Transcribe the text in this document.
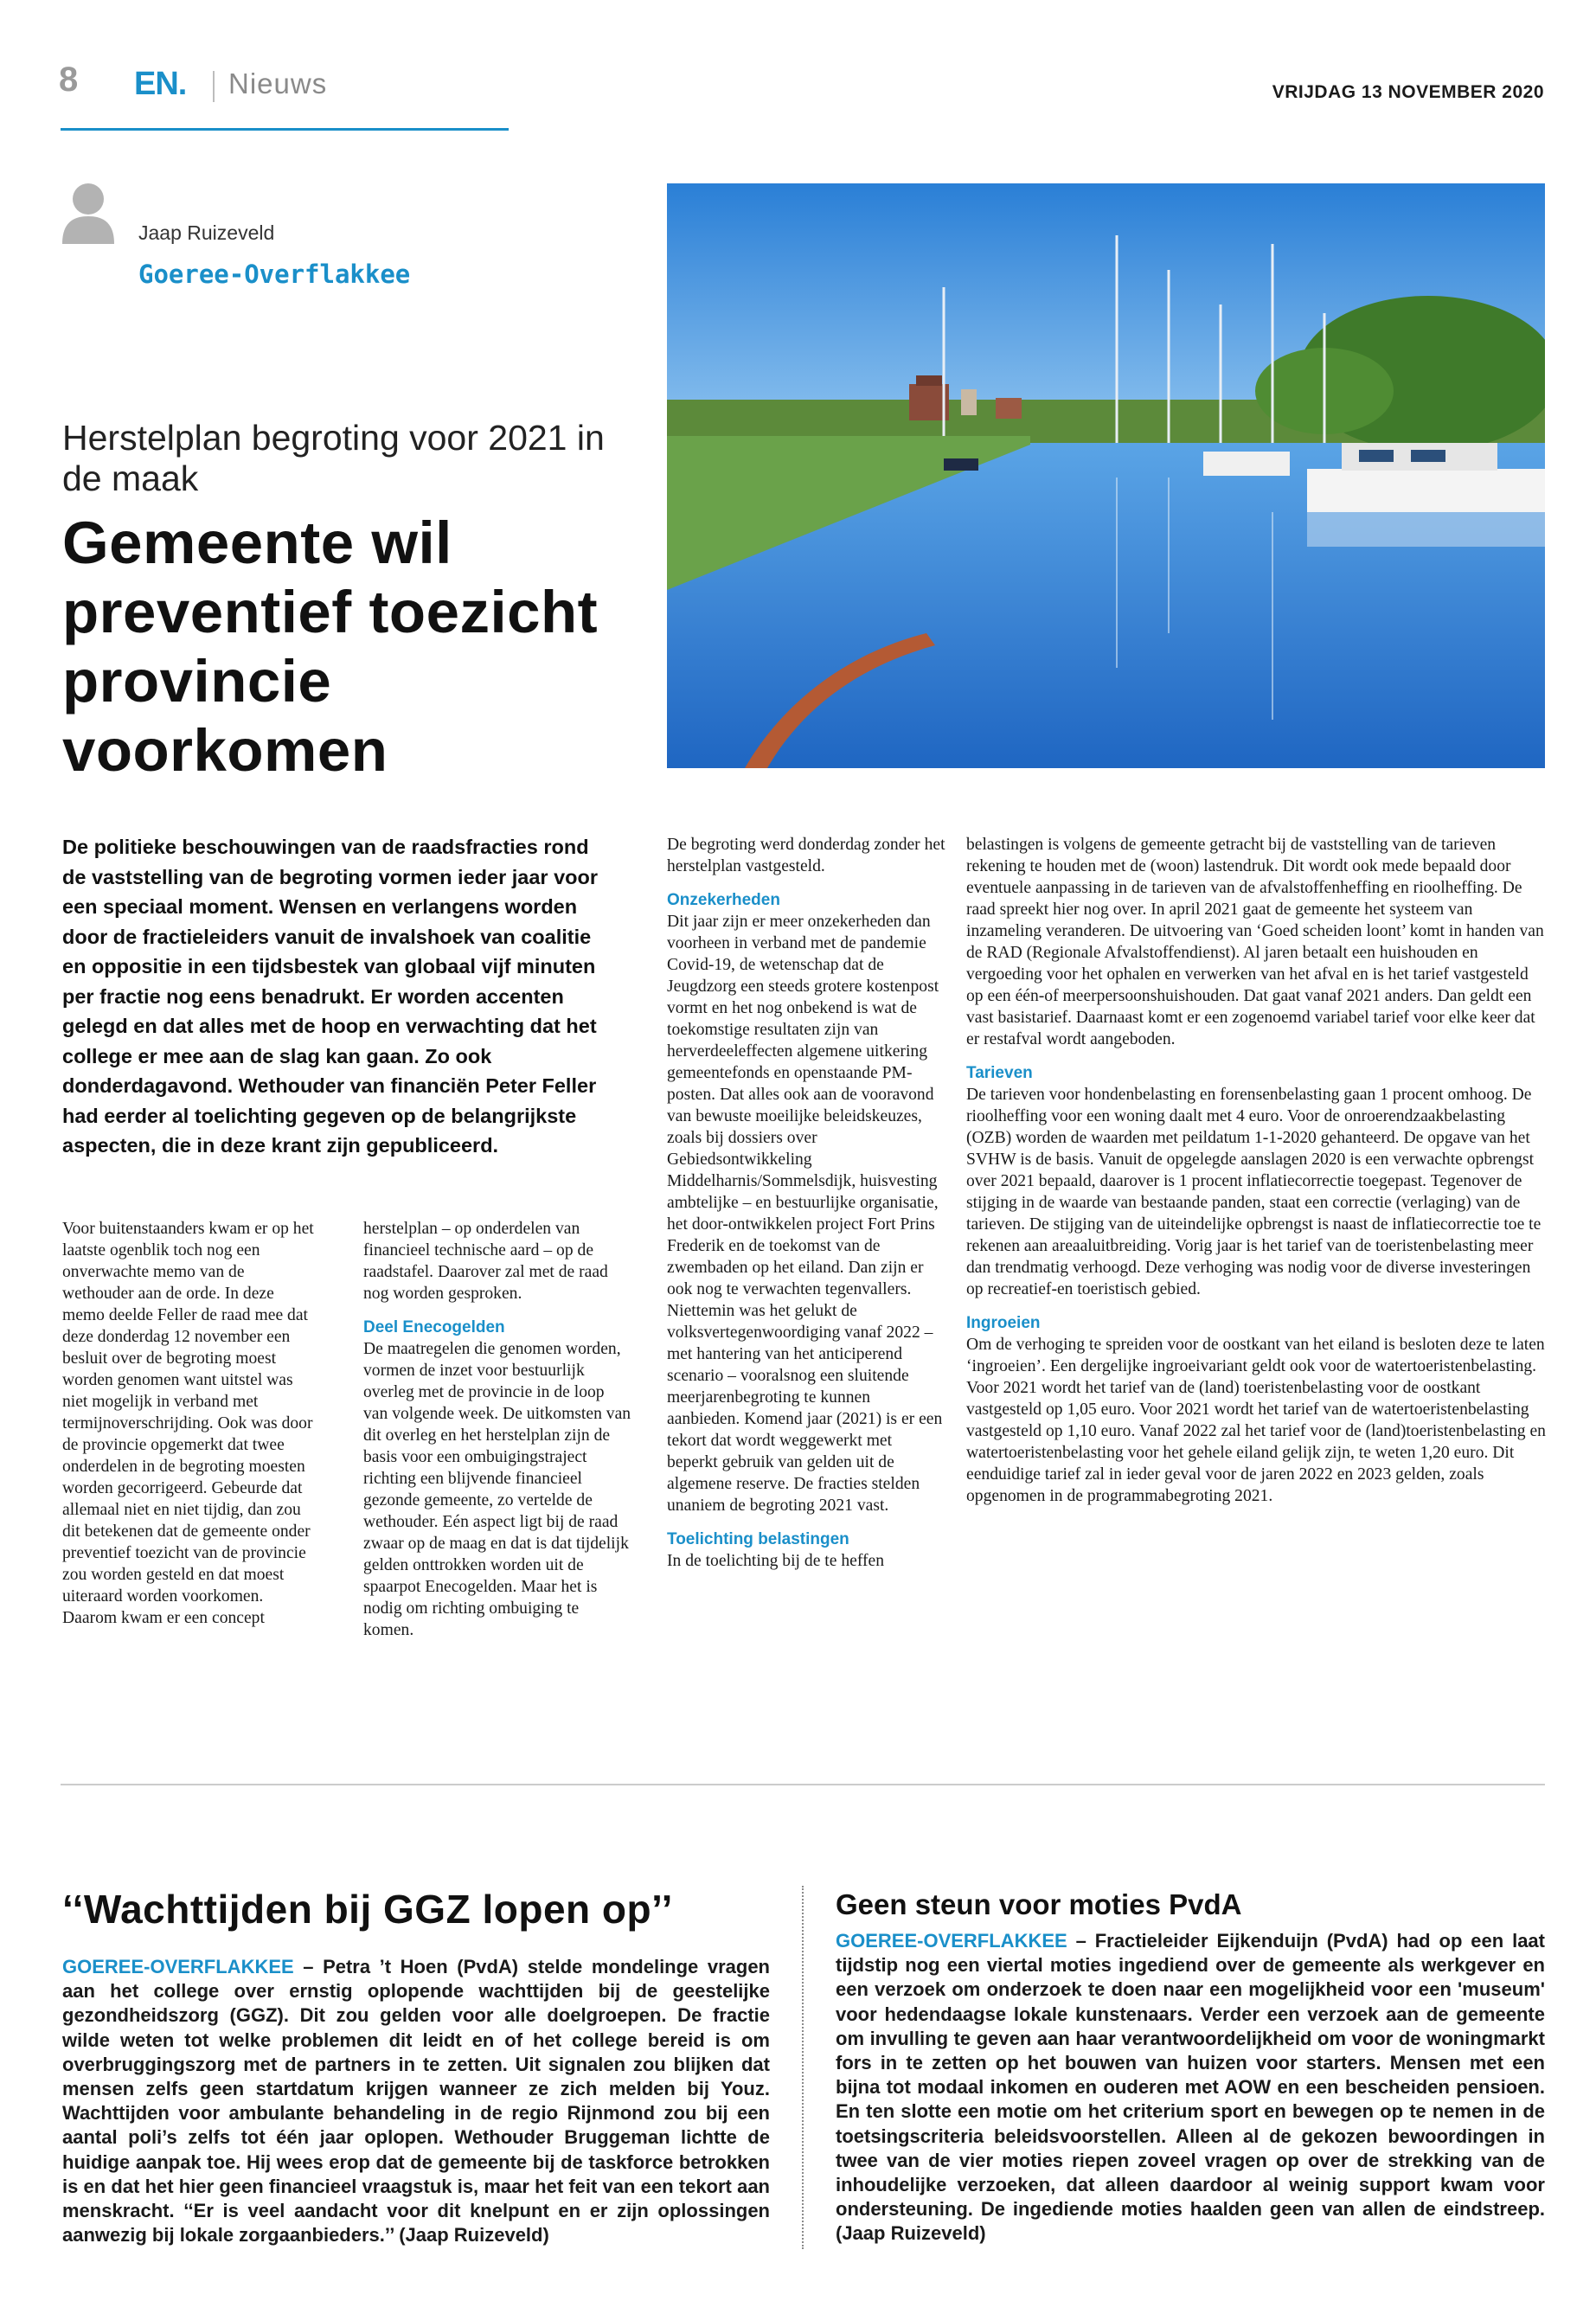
8 EN. Nieuws	VRIJDAG 13 NOVEMBER 2020
Jaap Ruizeveld
Goeree-Overflakkee
Herstelplan begroting voor 2021 in de maak
Gemeente wil preventief toezicht provincie voorkomen
De politieke beschouwingen van de raadsfracties rond de vaststelling van de begroting vormen ieder jaar voor een speciaal moment. Wensen en verlangens worden door de fractieleiders vanuit de invalshoek van coalitie en oppositie in een tijdsbestek van globaal vijf minuten per fractie nog eens benadrukt. Er worden accenten gelegd en dat alles met de hoop en verwachting dat het college er mee aan de slag kan gaan. Zo ook donderdagavond. Wethouder van financiën Peter Feller had eerder al toelichting gegeven op de belangrijkste aspecten, die in deze krant zijn gepubliceerd.

Voor buitenstaanders kwam er op het laatste ogenblik toch nog een onverwachte memo van de wethouder aan de orde. In deze memo deelde Feller de raad mee dat deze donderdag 12 november een besluit over de begroting moest worden genomen want uitstel was niet mogelijk in verband met termijnoverschrijding. Ook was door de provincie opgemerkt dat twee onderdelen in de begroting moesten worden gecorrigeerd. Gebeurde dat allemaal niet en niet tijdig, dan zou dit betekenen dat de gemeente onder preventief toezicht van de provincie zou worden gesteld en dat moest uiteraard worden voorkomen. Daarom kwam er een concept

herstelplan – op onderdelen van financieel technische aard – op de raadstafel. Daarover zal met de raad nog worden gesproken.

Deel Enecogelden

De maatregelen die genomen worden, vormen de inzet voor bestuurlijk overleg met de provincie in de loop van volgende week. De uitkomsten van dit overleg en het herstelplan zijn de basis voor een ombuigingstraject richting een blijvende financieel gezonde gemeente, zo vertelde de wethouder. Eén aspect ligt bij de raad zwaar op de maag en dat is dat tijdelijk gelden onttrokken worden uit de spaarpot Enecogelden. Maar het is nodig om richting ombuiging te komen.

De begroting werd donderdag zonder het herstelplan vastgesteld.

Onzekerheden

Dit jaar zijn er meer onzekerheden dan voorheen in verband met de pandemie Covid-19, de wetenschap dat de Jeugdzorg een steeds grotere kostenpost vormt en het nog onbekend is wat de toekomstige resultaten zijn van herverdeeleffecten algemene uitkering gemeentefonds en openstaande PM-posten. Dat alles ook aan de vooravond van bewuste moeilijke beleidskeuzes, zoals bij dossiers over Gebiedsontwikkeling Middelharnis/Sommelsdijk, huisvesting ambtelijke – en bestuurlijke organisatie, het door-ontwikkelen project Fort Prins Frederik en de toekomst van de zwembaden op het eiland. Dan zijn er ook nog te verwachten tegenvallers. Niettemin was het gelukt de volksvertegenwoordiging vanaf 2022 – met hantering van het anticiperend scenario – vooralsnog een sluitende meerjarenbegroting te kunnen aanbieden. Komend jaar (2021) is er een tekort dat wordt weggewerkt met beperkt gebruik van gelden uit de algemene reserve. De fracties stelden unaniem de begroting 2021 vast.

Toelichting belastingen

In de toelichting bij de te heffen

belastingen is volgens de gemeente getracht bij de vaststelling van de tarieven rekening te houden met de (woon) lastendruk. Dit wordt ook mede bepaald door eventuele aanpassing in de tarieven van de afvalstoffenheffing en rioolheffing. De raad spreekt hier nog over. In april 2021 gaat de gemeente het systeem van inzameling veranderen. De uitvoering van ‘Goed scheiden loont’ komt in handen van de RAD (Regionale Afvalstoffendienst). Al jaren betaalt een huishouden en vergoeding voor het ophalen en verwerken van het afval en is het tarief vastgesteld op een één-of meerpersoonshuishouden. Dat gaat vanaf 2021 anders. Dan geldt een vast basistarief. Daarnaast komt er een zogenoemd variabel tarief voor elke keer dat er restafval wordt aangeboden.

Tarieven

De tarieven voor hondenbelasting en forensenbelasting gaan 1 procent omhoog. De rioolheffing voor een woning daalt met 4 euro. Voor de onroerendzaakbelasting (OZB) worden de waarden met peildatum 1-1-2020 gehanteerd. De opgave van het SVHW is de basis. Vanuit de opgelegde aanslagen 2020 is een verwachte opbrengst over 2021 bepaald, daarover is 1 procent inflatiecorrectie toegepast. Tegenover de stijging in de waarde van bestaande panden, staat een correctie (verlaging) van de tarieven. De stijging van de uiteindelijke opbrengst is naast de inflatiecorrectie toe te rekenen aan areaaluitbreiding. Vorig jaar is het tarief van de toeristenbelasting meer dan trendmatig verhoogd. Deze verhoging was nodig voor de diverse investeringen op recreatief-en toeristisch gebied.

Ingroeien

Om de verhoging te spreiden voor de oostkant van het eiland is besloten deze te laten ‘ingroeien’. Een dergelijke ingroeivariant geldt ook voor de watertoeristenbelasting. Voor 2021 wordt het tarief van de (land) toeristenbelasting voor de oostkant vastgesteld op 1,05 euro. Voor 2021 wordt het tarief van de watertoeristenbelasting vastgesteld op 1,10 euro. Vanaf 2022 zal het tarief voor de (land)toeristenbelasting en watertoeristenbelasting voor het gehele eiland gelijk zijn, te weten 1,20 euro. Dit eenduidige tarief zal in ieder geval voor de jaren 2022 en 2023 gelden, zoals opgenomen in de programmabegroting 2021.

‘‘Wachttijden bij GGZ lopen op’’
GOEREE-OVERFLAKKEE – Petra ’t Hoen (PvdA) stelde mondelinge vragen aan het college over ernstig oplopende wachttijden bij de geestelijke gezondheidszorg (GGZ). Dit zou gelden voor alle doelgroepen. De fractie wilde weten tot welke problemen dit leidt en of het college bereid is om overbruggingszorg met de partners in te zetten. Uit signalen zou blijken dat mensen zelfs geen startdatum krijgen wanneer ze zich melden bij Youz. Wachttijden voor ambulante behandeling in de regio Rijnmond zou bij een aantal poli’s zelfs tot één jaar oplopen. Wethouder Bruggeman lichtte de huidige aanpak toe. Hij wees erop dat de gemeente bij de taskforce betrokken is en dat het hier geen financieel vraagstuk is, maar het feit van een tekort aan menskracht. ‘‘Er is veel aandacht voor dit knelpunt en er zijn oplossingen aanwezig bij lokale zorgaanbieders.’’ (Jaap Ruizeveld)
Geen steun voor moties PvdA
GOEREE-OVERFLAKKEE – Fractieleider Eijkenduijn (PvdA) had op een laat tijdstip nog een viertal moties ingediend over de gemeente als werkgever en een verzoek om onderzoek te doen naar een mogelijkheid voor een 'museum' voor hedendaagse lokale kunstenaars. Verder een verzoek aan de gemeente om invulling te geven aan haar verantwoordelijkheid om voor de woningmarkt fors in te zetten op het bouwen van huizen voor starters. Mensen met een bijna tot modaal inkomen en ouderen met AOW en een bescheiden pensioen. En ten slotte een motie om het criterium sport en bewegen op te nemen in de toetsingscriteria beleidsvoorstellen. Alleen al de gekozen bewoordingen in twee van de vier moties riepen zoveel vragen op over de strekking van de inhoudelijke verzoeken, dat alleen daardoor al weinig support kwam voor ondersteuning. De ingediende moties haalden geen van allen de eindstreep. (Jaap Ruizeveld)
